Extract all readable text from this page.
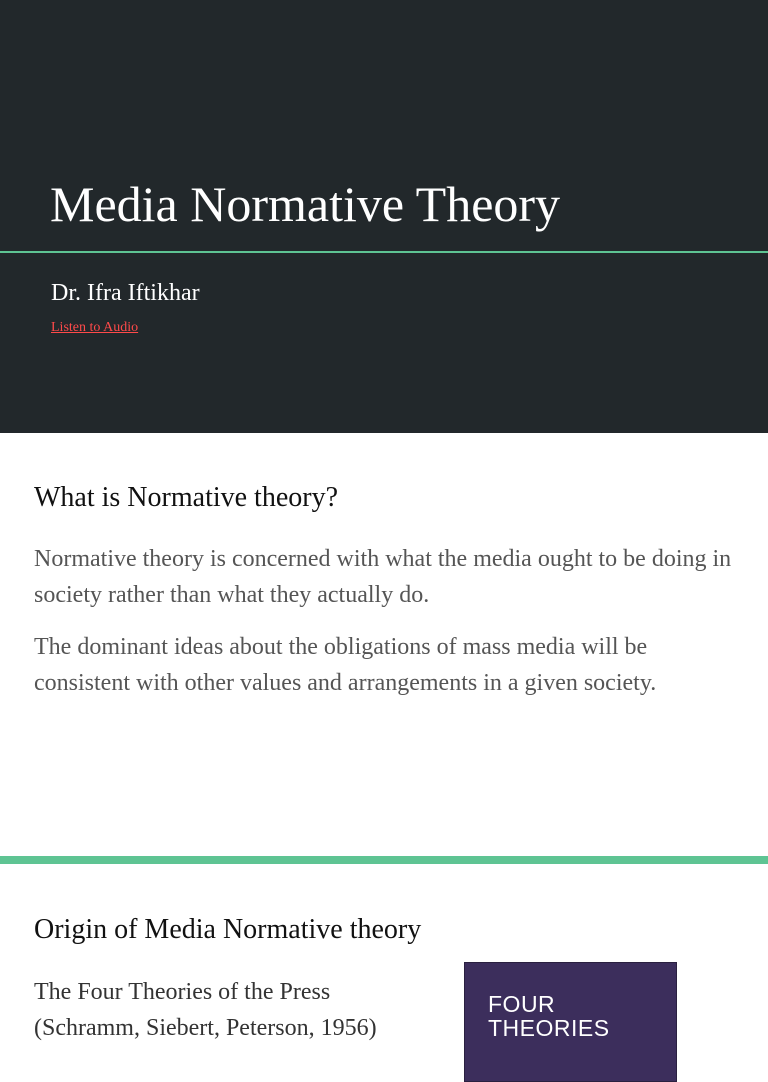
Media Normative Theory
Dr. Ifra Iftikhar
Listen to Audio
What is Normative theory?

Normative theory is concerned with what the media ought to be doing in society rather than what they actually do.

The dominant ideas about the obligations of mass media will be consistent with other values and arrangements in a given society.

Origin of Media Normative theory

The Four Theories of the Press
(Schramm, Siebert, Peterson, 1956)

FOUR
THEORIES
